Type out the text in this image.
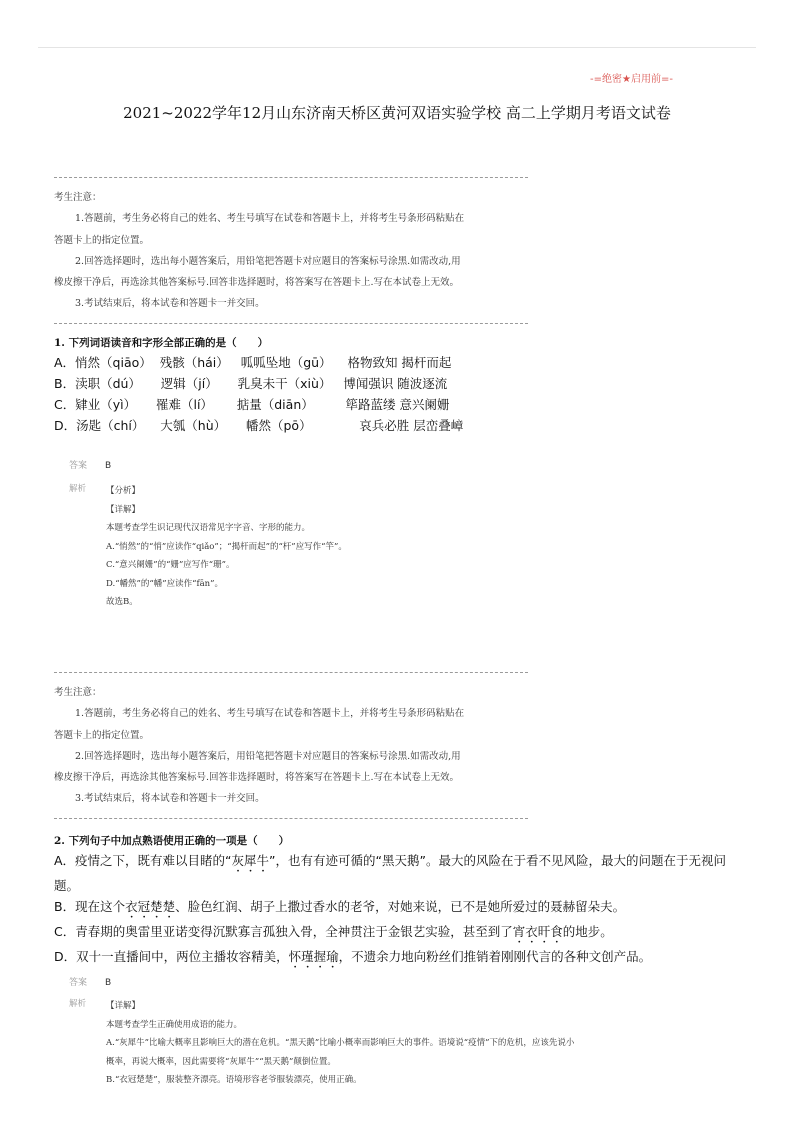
-=绝密★启用前=-
2021~2022学年12月山东济南天桥区黄河双语实验学校 高二上学期月考语文试卷

考生注意：

1.答题前，考生务必将自己的姓名、考生号填写在试卷和答题卡上，并将考生号条形码粘贴在

答题卡上的指定位置。

2.回答选择题时，选出每小题答案后，用铅笔把答题卡对应题目的答案标号涂黑.如需改动,用

橡皮擦干净后，再选涂其他答案标号.回答非选择题时，将答案写在答题卡上.写在本试卷上无效。

3.考试结束后，将本试卷和答题卡一并交回。

1. 下列词语读音和字形全部正确的是（　　）
A．悄然（qiāo）  残骸（hái）   呱呱坠地（gū）    格物致知 揭杆而起
B．渎职（dú）     逻辑（jí）     乳臭未干（xiù）   博闻强识 随波逐流
C．肄业（yì）     罹难（lí）      掂量（diān）        筚路蓝缕 意兴阑姗
D．汤匙（chí）    大瓠（hù）     幡然（pō）            哀兵必胜 层峦叠嶂
答案 B
解析 【分析】

【详解】

本题考查学生识记现代汉语常见字字音、字形的能力。

A.“悄然”的“悄”应读作“qiǎo”；“揭杆而起”的“杆”应写作“竿”。

C.“意兴阑姗”的“姗”应写作“珊”。

D.“幡然”的“幡”应读作“fān”。

故选B。

考生注意：

1.答题前，考生务必将自己的姓名、考生号填写在试卷和答题卡上，并将考生号条形码粘贴在

答题卡上的指定位置。

2.回答选择题时，选出每小题答案后，用铅笔把答题卡对应题目的答案标号涂黑.如需改动,用

橡皮擦干净后，再选涂其他答案标号.回答非选择题时，将答案写在答题卡上.写在本试卷上无效。

3.考试结束后，将本试卷和答题卡一并交回。

2. 下列句子中加点熟语使用正确的一项是（　　）
A．疫情之下，既有难以目睹的“灰犀牛”，也有有迹可循的“黑天鹅”。最大的风险在于看不见风险，最大的问题在于无视问题。
B．现在这个衣冠楚楚、脸色红润、胡子上撒过香水的老爷，对她来说，已不是她所爱过的聂赫留朵夫。
C．青春期的奥雷里亚诺变得沉默寡言孤独入骨，全神贯注于金银艺实验，甚至到了宵衣旰食的地步。
D．双十一直播间中，两位主播妆容精美，怀瑾握瑜，不遗余力地向粉丝们推销着刚刚代言的各种文创产品。
答案 B
解析 【详解】

本题考查学生正确使用成语的能力。

A.“灰犀牛”比喻大概率且影响巨大的潜在危机。“黑天鹅”比喻小概率而影响巨大的事件。语境说“疫情”下的危机，应该先说小

概率，再说大概率，因此需要将“灰犀牛”“黑天鹅”颠倒位置。

B.“衣冠楚楚”，服装整齐漂亮。语境形容老爷服装漂亮，使用正确。
